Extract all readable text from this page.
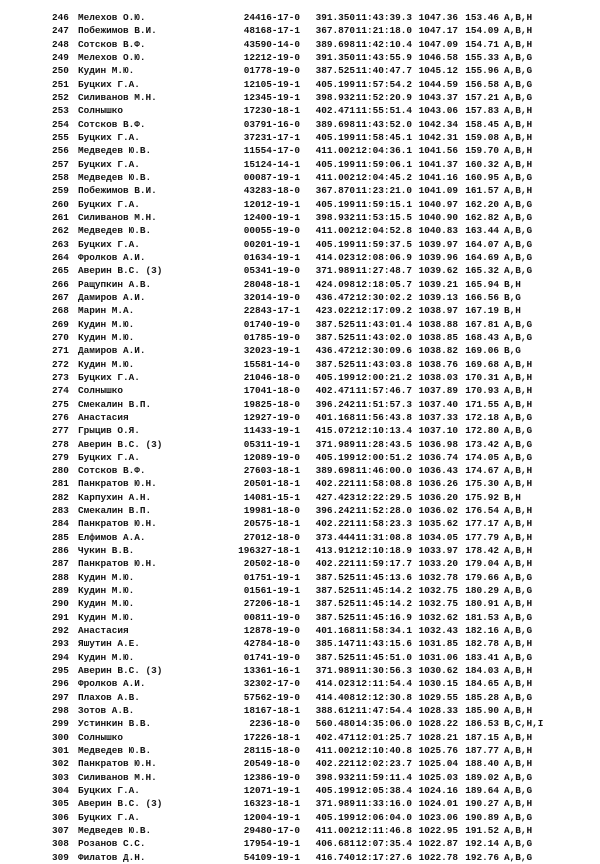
246 Мелехов О.Ю.	24416-17-0	391.350 11:43:39.3 1047.36 153.46 A,B,H
247 Побежимов В.И.	48168-17-1	367.870 11:21:18.0 1047.17 154.09 A,B,H
248 Сотсков В.Ф.	43590-14-0	389.698 11:42:10.4 1047.09 154.71 A,B,H
249 Мелехов О.Ю.	12212-19-0	391.350 11:43:55.9 1046.58 155.33 A,B,G
250 Кудин М.Ю.	01778-19-0	387.525 11:40:47.7 1045.12 155.96 A,B,G
251 Буцких Г.А.	12105-19-1	405.199 11:57:54.2 1044.59 156.58 A,B,G
252 Силиванов М.Н.	12345-19-1	398.932 11:52:20.9 1043.37 157.21 A,B,G
253 Солнышко	17230-18-1	402.471 11:55:51.4 1043.06 157.83 A,B,H
254 Сотсков В.Ф.	03791-16-0	389.698 11:43:52.0 1042.34 158.45 A,B,H
255 Буцких Г.А.	37231-17-1	405.199 11:58:45.1 1042.31 159.08 A,B,H
256 Медведев Ю.В.	11554-17-0	411.002 12:04:36.1 1041.56 159.70 A,B,H
257 Буцких Г.А.	15124-14-1	405.199 11:59:06.1 1041.37 160.32 A,B,H
258 Медведев Ю.В.	00087-19-1	411.002 12:04:45.2 1041.16 160.95 A,B,G
259 Побежимов В.И.	43283-18-0	367.870 11:23:21.0 1041.09 161.57 A,B,H
260 Буцких Г.А.	12012-19-1	405.199 11:59:15.1 1040.97 162.20 A,B,G
261 Силиванов М.Н.	12400-19-1	398.932 11:53:15.5 1040.90 162.82 A,B,G
262 Медведев Ю.В.	00055-19-0	411.002 12:04:52.8 1040.83 163.44 A,B,G
263 Буцких Г.А.	00201-19-1	405.199 11:59:37.5 1039.97 164.07 A,B,G
264 Фролков А.И.	01634-19-1	414.023 12:08:06.9 1039.96 164.69 A,B,G
265 Аверин В.С. (3)	05341-19-0	371.989 11:27:48.7 1039.62 165.32 A,B,G
266 Ращупкин А.В.	28048-18-1	424.098 12:18:05.7 1039.21 165.94 B,H
267 Дамиров А.И.	32014-19-0	436.472 12:30:02.2 1039.13 166.56 B,G
268 Марин М.А.	22843-17-1	423.022 12:17:09.2 1038.97 167.19 B,H
269 Кудин М.Ю.	01740-19-0	387.525 11:43:01.4 1038.88 167.81 A,B,G
270 Кудин М.Ю.	01785-19-0	387.525 11:43:02.0 1038.85 168.43 A,B,G
271 Дамиров А.И.	32023-19-1	436.472 12:30:09.6 1038.82 169.06 B,G
272 Кудин М.Ю.	15581-14-0	387.525 11:43:03.8 1038.76 169.68 A,B,H
273 Буцких Г.А.	21046-18-0	405.199 12:00:21.2 1038.03 170.31 A,B,H
274 Солнышко	17041-18-0	402.471 11:57:46.7 1037.89 170.93 A,B,H
275 Смекалин В.П.	19825-18-0	396.242 11:51:57.3 1037.40 171.55 A,B,H
276 Анастасия	12927-19-0	401.168 11:56:43.8 1037.33 172.18 A,B,G
277 Грыцив О.Я.	11433-19-1	415.072 12:10:13.4 1037.10 172.80 A,B,G
278 Аверин В.С. (3)	05311-19-1	371.989 11:28:43.5 1036.98 173.42 A,B,G
279 Буцких Г.А.	12089-19-0	405.199 12:00:51.2 1036.74 174.05 A,B,G
280 Сотсков В.Ф.	27603-18-1	389.698 11:46:00.0 1036.43 174.67 A,B,H
281 Панкратов Ю.Н.	20501-18-1	402.221 11:58:08.8 1036.26 175.30 A,B,H
282 Карпухин А.Н.	14081-15-1	427.423 12:22:29.5 1036.20 175.92 B,H
283 Смекалин В.П.	19981-18-0	396.242 11:52:28.0 1036.02 176.54 A,B,H
284 Панкратов Ю.Н.	20575-18-1	402.221 11:58:23.3 1035.62 177.17 A,B,H
285 Елфимов А.А.	27012-18-0	373.444 11:31:08.8 1034.05 177.79 A,B,H
286 Чукин В.В.	196327-18-1	413.912 12:10:18.9 1033.97 178.42 A,B,H
287 Панкратов Ю.Н.	20502-18-0	402.221 11:59:17.7 1033.20 179.04 A,B,H
288 Кудин М.Ю.	01751-19-1	387.525 11:45:13.6 1032.78 179.66 A,B,G
289 Кудин М.Ю.	01561-19-1	387.525 11:45:14.2 1032.75 180.29 A,B,G
290 Кудин М.Ю.	27206-18-1	387.525 11:45:14.2 1032.75 180.91 A,B,H
291 Кудин М.Ю.	00811-19-0	387.525 11:45:16.9 1032.62 181.53 A,B,G
292 Анастасия	12878-19-0	401.168 11:58:34.1 1032.43 182.16 A,B,G
293 Яшутин А.Е.	42784-18-0	385.147 11:43:15.6 1031.85 182.78 A,B,H
294 Кудин М.Ю.	01741-19-0	387.525 11:45:51.0 1031.06 183.41 A,B,G
295 Аверин В.С. (3)	13361-16-1	371.989 11:30:56.3 1030.62 184.03 A,B,H
296 Фролков А.И.	32302-17-0	414.023 12:11:54.4 1030.15 184.65 A,B,H
297 Плахов А.В.	57562-19-0	414.408 12:12:30.8 1029.55 185.28 A,B,G
298 Зотов А.В.	18167-18-1	388.612 11:47:54.4 1028.33 185.90 A,B,H
299 Устинкин В.В.	2236-18-0	560.480 14:35:06.0 1028.22 186.53 B,C,H,I
300 Солнышко	17226-18-1	402.471 12:01:25.7 1028.21 187.15 A,B,H
301 Медведев Ю.В.	28115-18-0	411.002 12:10:40.8 1025.76 187.77 A,B,H
302 Панкратов Ю.Н.	20549-18-0	402.221 12:02:23.7 1025.04 188.40 A,B,H
303 Силиванов М.Н.	12386-19-0	398.932 11:59:11.4 1025.03 189.02 A,B,G
304 Буцких Г.А.	12071-19-1	405.199 12:05:38.4 1024.16 189.64 A,B,G
305 Аверин В.С. (3)	16323-18-1	371.989 11:33:16.0 1024.01 190.27 A,B,H
306 Буцких Г.А.	12004-19-1	405.199 12:06:04.0 1023.06 190.89 A,B,G
307 Медведев Ю.В.	29480-17-0	411.002 12:11:46.8 1022.95 191.52 A,B,H
308 Розанов С.С.	17954-19-1	406.681 12:07:35.4 1022.87 192.14 A,B,G
309 Филатов Д.Н.	54109-19-1	416.740 12:17:27.6 1022.78 192.76 A,B,G
